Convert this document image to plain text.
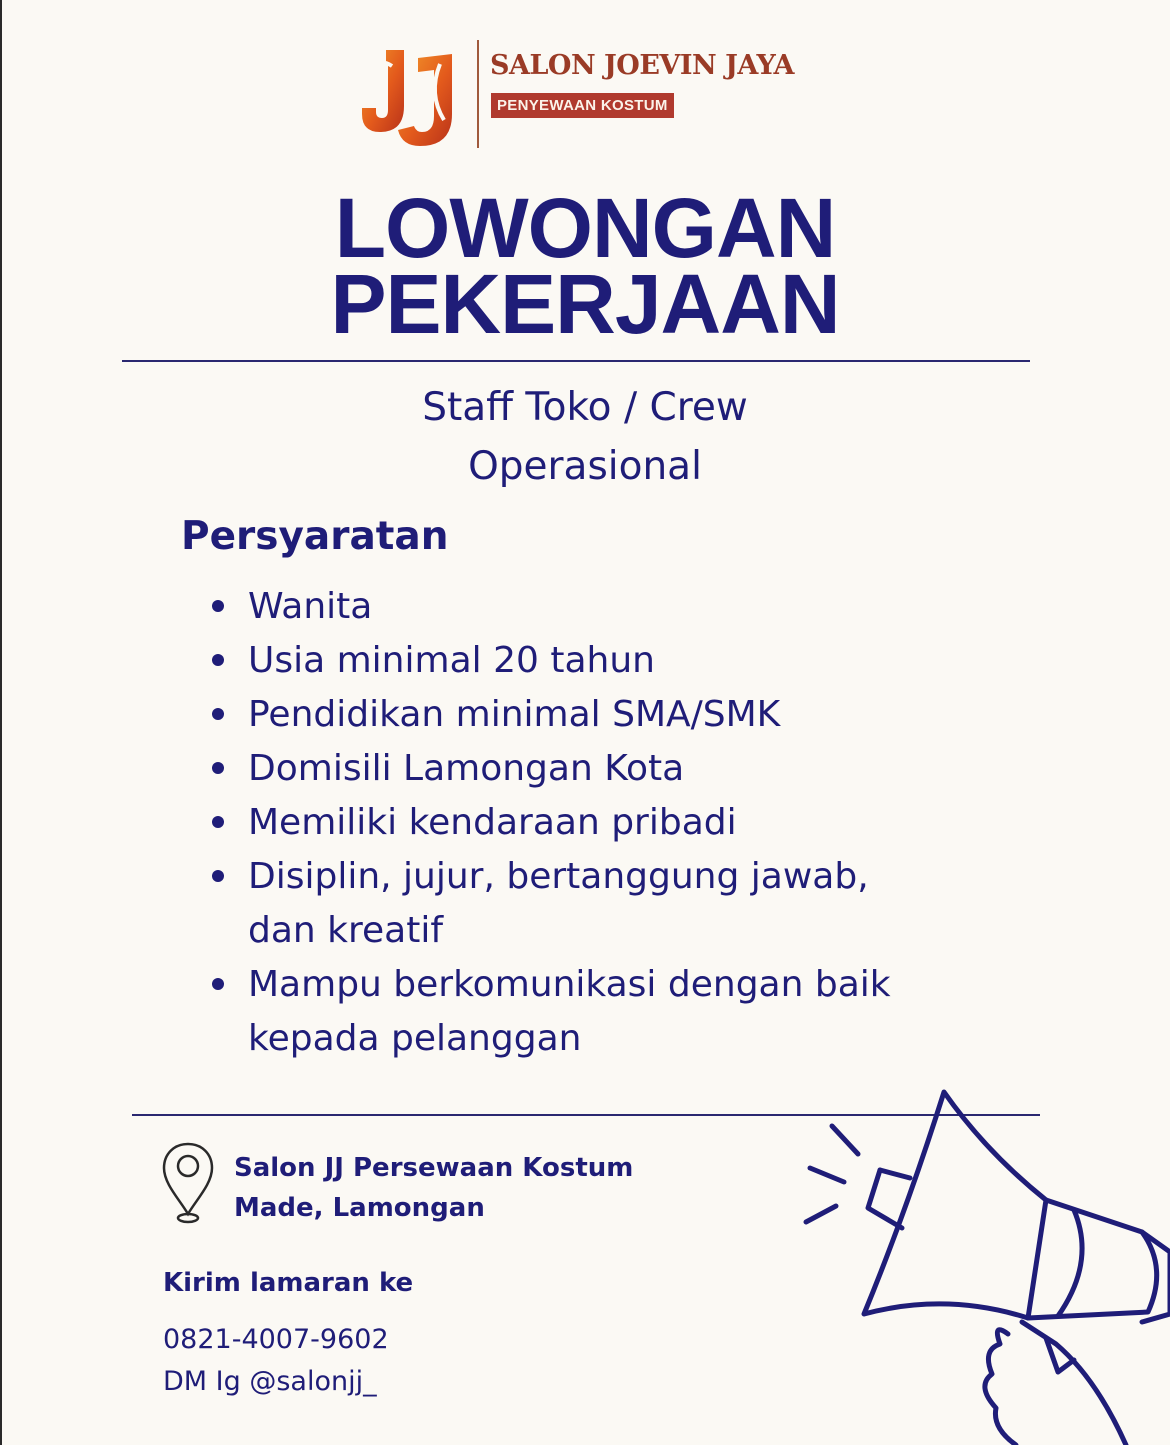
SALON JOEVIN JAYA
PENYEWAAN KOSTUM
LOWONGAN
PEKERJAAN
Staff Toko / Crew
Operasional
Persyaratan
Wanita
Usia minimal 20 tahun
Pendidikan minimal SMA/SMK
Domisili Lamongan Kota
Memiliki kendaraan pribadi
Disiplin, jujur, bertanggung jawab,
dan kreatif
Mampu berkomunikasi dengan baik
kepada pelanggan
Salon JJ Persewaan Kostum
Made, Lamongan
Kirim lamaran ke
0821-4007-9602
DM Ig @salonjj_
